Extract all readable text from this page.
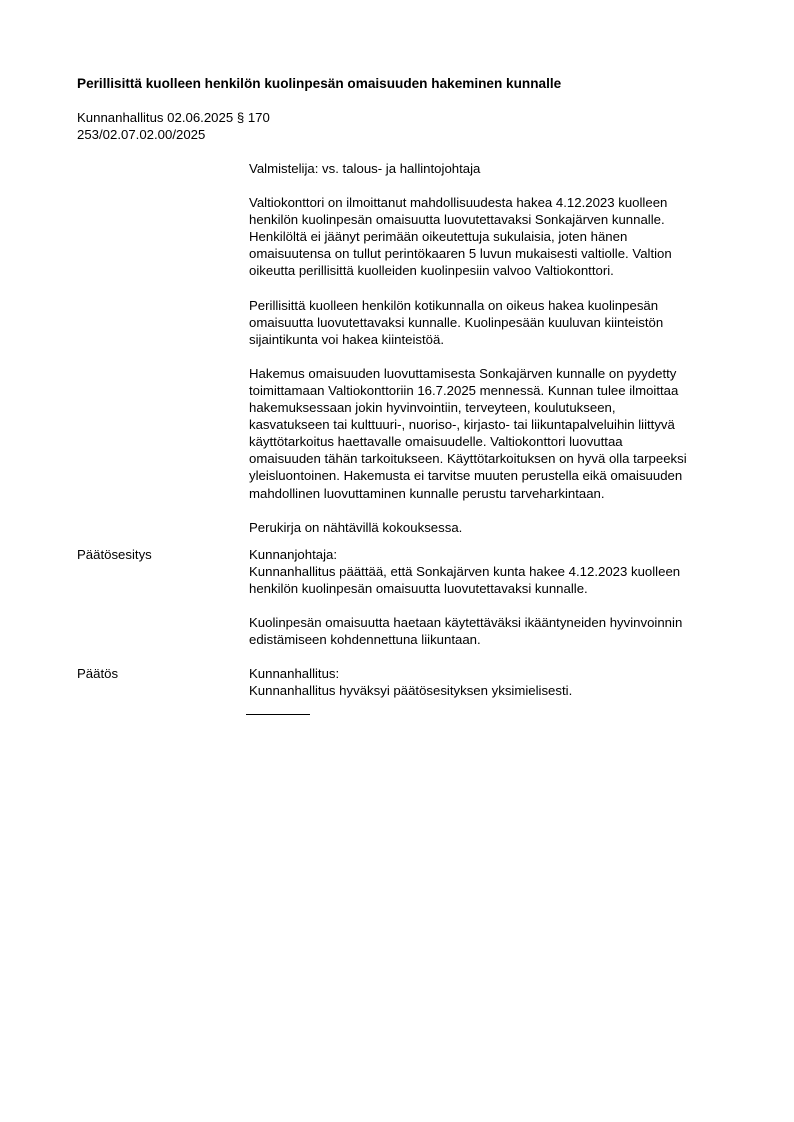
Perillisittä kuolleen henkilön kuolinpesän omaisuuden hakeminen kunnalle
Kunnanhallitus 02.06.2025 § 170
253/02.07.02.00/2025

Valmistelija: vs. talous- ja hallintojohtaja

Valtiokonttori on ilmoittanut mahdollisuudesta hakea 4.12.2023 kuolleen
henkilön kuolinpesän omaisuutta luovutettavaksi Sonkajärven kunnalle.
Henkilöltä ei jäänyt perimään oikeutettuja sukulaisia, joten hänen
omaisuutensa on tullut perintökaaren 5 luvun mukaisesti valtiolle. Valtion
oikeutta perillisittä kuolleiden kuolinpesiin valvoo Valtiokonttori.

Perillisittä kuolleen henkilön kotikunnalla on oikeus hakea kuolinpesän
omaisuutta luovutettavaksi kunnalle. Kuolinpesään kuuluvan kiinteistön
sijaintikunta voi hakea kiinteistöä.

Hakemus omaisuuden luovuttamisesta Sonkajärven kunnalle on pyydetty
toimittamaan Valtiokonttoriin 16.7.2025 mennessä. Kunnan tulee ilmoittaa
hakemuksessaan jokin hyvinvointiin, terveyteen, koulutukseen,
kasvatukseen tai kulttuuri-, nuoriso-, kirjasto- tai liikuntapalveluihin liittyvä
käyttötarkoitus haettavalle omaisuudelle. Valtiokonttori luovuttaa
omaisuuden tähän tarkoitukseen. Käyttötarkoituksen on hyvä olla tarpeeksi
yleisluontoinen. Hakemusta ei tarvitse muuten perustella eikä omaisuuden
mahdollinen luovuttaminen kunnalle perustu tarveharkintaan.

Perukirja on nähtävillä kokouksessa.

Päätösesitys	Kunnanjohtaja:

Kunnanhallitus päättää, että Sonkajärven kunta hakee 4.12.2023 kuolleen
henkilön kuolinpesän omaisuutta luovutettavaksi kunnalle.

Kuolinpesän omaisuutta haetaan käytettäväksi ikääntyneiden hyvinvoinnin
edistämiseen kohdennettuna liikuntaan.

Päätös	Kunnanhallitus:

Kunnanhallitus hyväksyi päätösesityksen yksimielisesti.
